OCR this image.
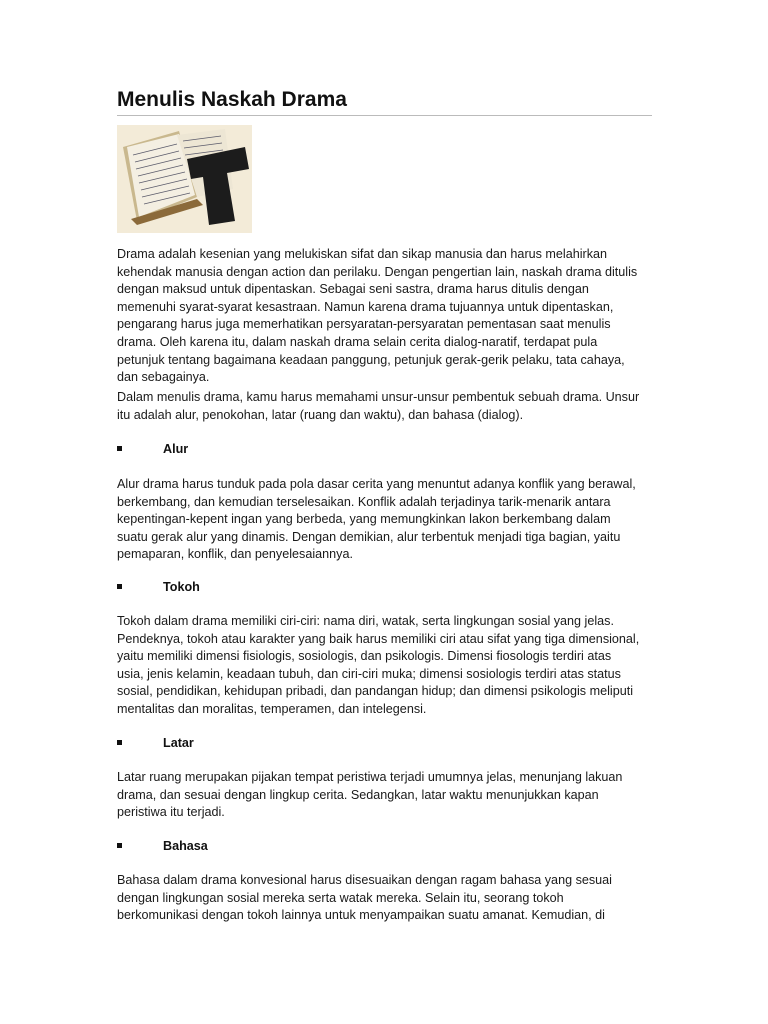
Menulis Naskah Drama
Drama adalah kesenian yang melukiskan sifat dan sikap manusia dan harus melahirkan
kehendak manusia dengan action dan perilaku. Dengan pengertian lain, naskah drama ditulis
dengan maksud untuk dipentaskan. Sebagai seni sastra, drama harus ditulis dengan
memenuhi syarat-syarat kesastraan. Namun karena drama tujuannya untuk dipentaskan,
pengarang harus juga memerhatikan persyaratan-persyaratan pementasan saat menulis
drama. Oleh karena itu, dalam naskah drama selain cerita dialog-naratif, terdapat pula
petunjuk tentang bagaimana keadaan panggung, petunjuk gerak-gerik pelaku, tata cahaya,
dan sebagainya.
Dalam menulis drama, kamu harus memahami unsur-unsur pembentuk sebuah drama. Unsur
itu adalah alur, penokohan, latar (ruang dan waktu), dan bahasa (dialog).
Alur
Alur drama harus tunduk pada pola dasar cerita yang menuntut adanya konflik yang berawal,
berkembang, dan kemudian terselesaikan. Konflik adalah terjadinya tarik-menarik antara
kepentingan-kepent ingan yang berbeda, yang memungkinkan lakon berkembang dalam
suatu gerak alur yang dinamis. Dengan demikian, alur terbentuk menjadi tiga bagian, yaitu
pemaparan, konflik, dan penyelesaiannya.
Tokoh
Tokoh dalam drama memiliki ciri-ciri: nama diri, watak, serta lingkungan sosial yang jelas.
Pendeknya, tokoh atau karakter yang baik harus memiliki ciri atau sifat yang tiga dimensional,
yaitu memiliki dimensi fisiologis, sosiologis, dan psikologis. Dimensi fiosologis terdiri atas
usia, jenis kelamin, keadaan tubuh, dan ciri-ciri muka; dimensi sosiologis terdiri atas status
sosial, pendidikan, kehidupan pribadi, dan pandangan hidup; dan dimensi psikologis meliputi
mentalitas dan moralitas, temperamen, dan intelegensi.
Latar
Latar ruang merupakan pijakan tempat peristiwa terjadi umumnya jelas, menunjang lakuan
drama, dan sesuai dengan lingkup cerita. Sedangkan, latar waktu menunjukkan kapan
peristiwa itu terjadi.
Bahasa
Bahasa dalam drama konvesional harus disesuaikan dengan ragam bahasa yang sesuai
dengan lingkungan sosial mereka serta watak mereka. Selain itu, seorang tokoh
berkomunikasi dengan tokoh lainnya untuk menyampaikan suatu amanat. Kemudian, di
